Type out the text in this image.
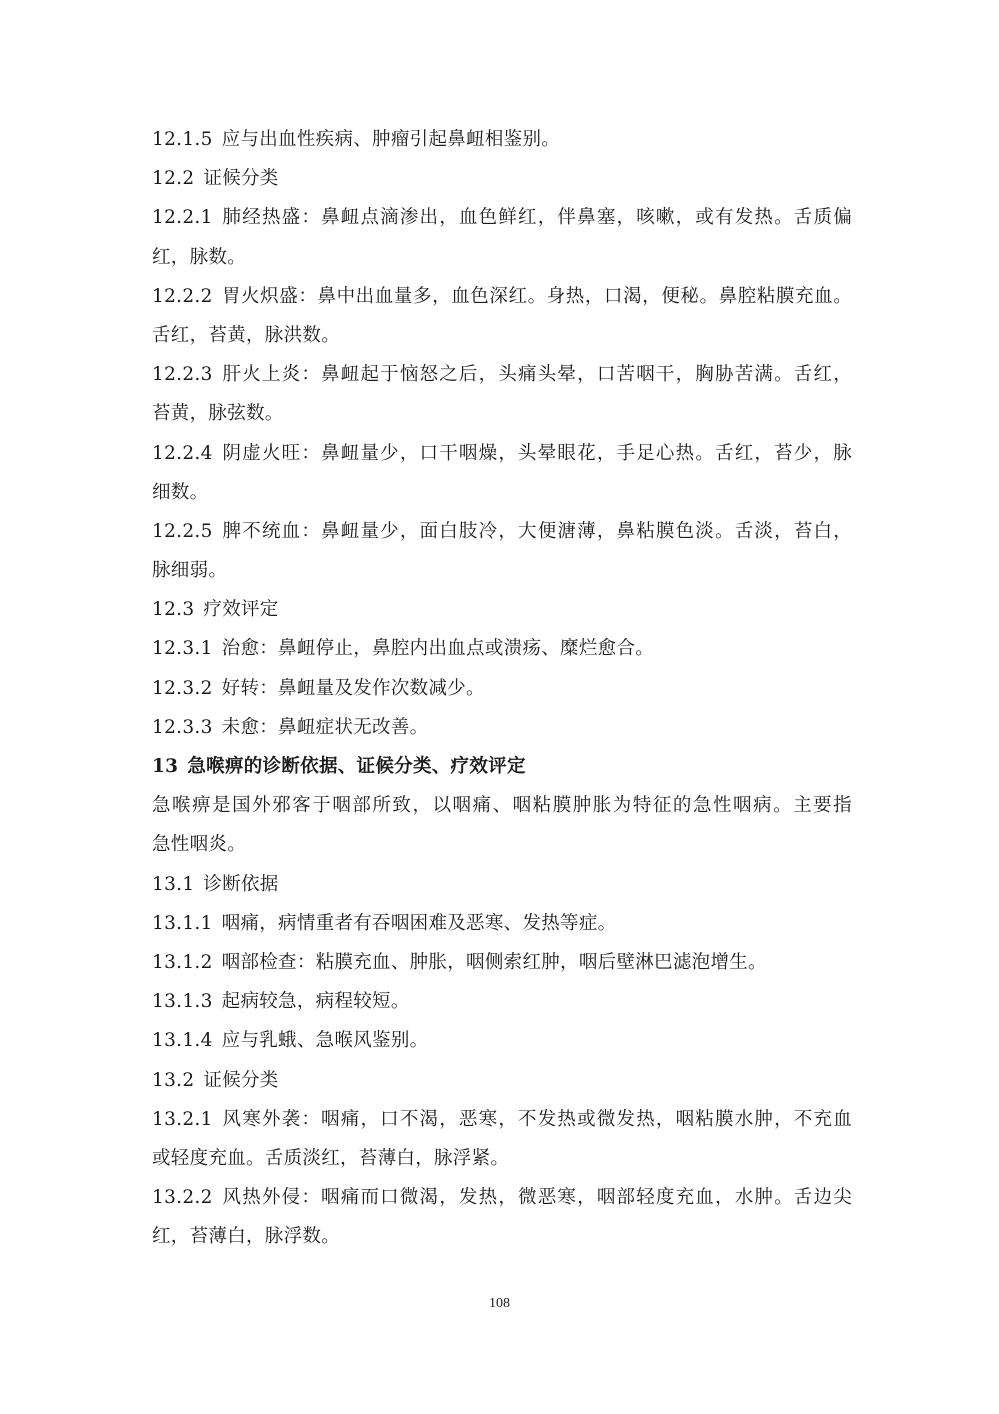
12.1.5 应与出血性疾病、肿瘤引起鼻衄相鉴别。
12.2 证候分类
12.2.1 肺经热盛：鼻衄点滴渗出，血色鲜红，伴鼻塞，咳嗽，或有发热。舌质偏
红，脉数。
12.2.2 胃火炽盛：鼻中出血量多，血色深红。身热，口渴，便秘。鼻腔粘膜充血。
舌红，苔黄，脉洪数。
12.2.3 肝火上炎：鼻衄起于恼怒之后，头痛头晕，口苦咽干，胸胁苦满。舌红，
苔黄，脉弦数。
12.2.4 阴虚火旺：鼻衄量少，口干咽燥，头晕眼花，手足心热。舌红，苔少，脉
细数。
12.2.5 脾不统血：鼻衄量少，面白肢冷，大便溏薄，鼻粘膜色淡。舌淡，苔白，
脉细弱。
12.3 疗效评定
12.3.1 治愈：鼻衄停止，鼻腔内出血点或溃疡、糜烂愈合。
12.3.2 好转：鼻衄量及发作次数减少。
12.3.3 未愈：鼻衄症状无改善。
13 急喉痹的诊断依据、证候分类、疗效评定
急喉痹是国外邪客于咽部所致，以咽痛、咽粘膜肿胀为特征的急性咽病。主要指
急性咽炎。
13.1 诊断依据
13.1.1 咽痛，病情重者有吞咽困难及恶寒、发热等症。
13.1.2 咽部检查：粘膜充血、肿胀，咽侧索红肿，咽后壁淋巴滤泡增生。
13.1.3 起病较急，病程较短。
13.1.4 应与乳蛾、急喉风鉴别。
13.2 证候分类
13.2.1 风寒外袭：咽痛，口不渴，恶寒，不发热或微发热，咽粘膜水肿，不充血
或轻度充血。舌质淡红，苔薄白，脉浮紧。
13.2.2 风热外侵：咽痛而口微渴，发热，微恶寒，咽部轻度充血，水肿。舌边尖
红，苔薄白，脉浮数。
108
